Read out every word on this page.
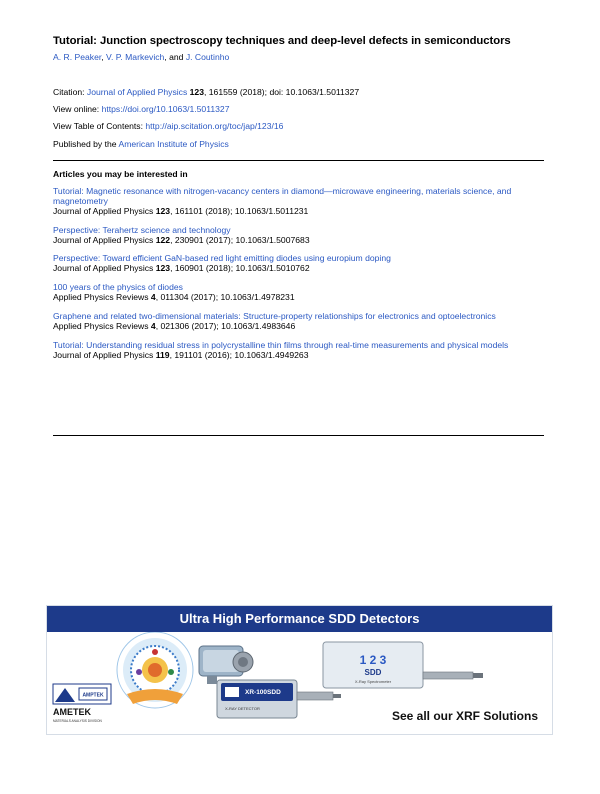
Tutorial: Junction spectroscopy techniques and deep-level defects in semiconductors
A. R. Peaker, V. P. Markevich, and J. Coutinho
Citation: Journal of Applied Physics 123, 161559 (2018); doi: 10.1063/1.5011327
View online: https://doi.org/10.1063/1.5011327
View Table of Contents: http://aip.scitation.org/toc/jap/123/16
Published by the American Institute of Physics
Articles you may be interested in
Tutorial: Magnetic resonance with nitrogen-vacancy centers in diamond—microwave engineering, materials science, and magnetometry
Journal of Applied Physics 123, 161101 (2018); 10.1063/1.5011231
Perspective: Terahertz science and technology
Journal of Applied Physics 122, 230901 (2017); 10.1063/1.5007683
Perspective: Toward efficient GaN-based red light emitting diodes using europium doping
Journal of Applied Physics 123, 160901 (2018); 10.1063/1.5010762
100 years of the physics of diodes
Applied Physics Reviews 4, 011304 (2017); 10.1063/1.4978231
Graphene and related two-dimensional materials: Structure-property relationships for electronics and optoelectronics
Applied Physics Reviews 4, 021306 (2017); 10.1063/1.4983646
Tutorial: Understanding residual stress in polycrystalline thin films through real-time measurements and physical models
Journal of Applied Physics 119, 191101 (2016); 10.1063/1.4949263
Ultra High Performance SDD Detectors
AMPTEK
AMETEK
MATERIALS ANALYSIS DIVISION
XR-100SDD
X-RAY DETECTOR
1 2 3
SDD
X-Ray Spectrometer
See all our XRF Solutions
